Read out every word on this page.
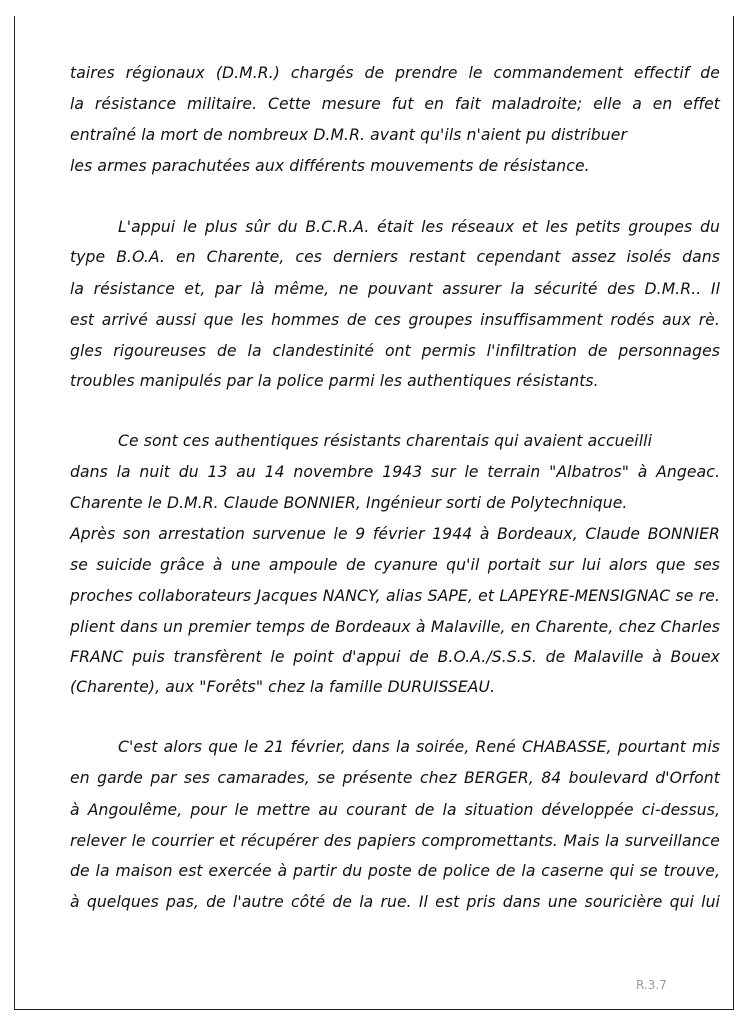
taires régionaux (D.M.R.) chargés de prendre le commandement effectif de
la résistance militaire. Cette mesure fut en fait maladroite; elle a en effet
entraîné la mort de nombreux D.M.R. avant qu'ils n'aient pu distribuer
les armes parachutées aux différents mouvements de résistance.
L'appui le plus sûr du B.C.R.A. était les réseaux et les petits groupes du
type B.O.A. en Charente, ces derniers restant cependant assez isolés dans
la résistance et, par là même, ne pouvant assurer la sécurité des D.M.R.. Il
est arrivé aussi que les hommes de ces groupes insuffisamment rodés aux rè.
gles rigoureuses de la clandestinité ont permis l'infiltration de personnages
troubles manipulés par la police parmi les authentiques résistants.
Ce sont ces authentiques résistants charentais qui avaient accueilli
dans la nuit du 13 au 14 novembre 1943 sur le terrain "Albatros" à Angeac.
Charente le D.M.R. Claude BONNIER, Ingénieur sorti de Polytechnique.
Après son arrestation survenue le 9 février 1944 à Bordeaux, Claude BONNIER
se suicide grâce à une ampoule de cyanure qu'il portait sur lui alors que ses
proches collaborateurs Jacques NANCY, alias SAPE, et LAPEYRE-MENSIGNAC se re.
plient dans un premier temps de Bordeaux à Malaville, en Charente, chez Charles
FRANC puis transfèrent le point d'appui de B.O.A./S.S.S. de Malaville à Bouex
(Charente), aux "Forêts" chez la famille DURUISSEAU.
C'est alors que le 21 février, dans la soirée, René CHABASSE, pourtant mis
en garde par ses camarades, se présente chez BERGER, 84 boulevard d'Orfont
à Angoulême, pour le mettre au courant de la situation développée ci-dessus,
relever le courrier et récupérer des papiers compromettants. Mais la surveillance
de la maison est exercée à partir du poste de police de la caserne qui se trouve,
à quelques pas, de l'autre côté de la rue. Il est pris dans une souricière qui lui
R.3.7
